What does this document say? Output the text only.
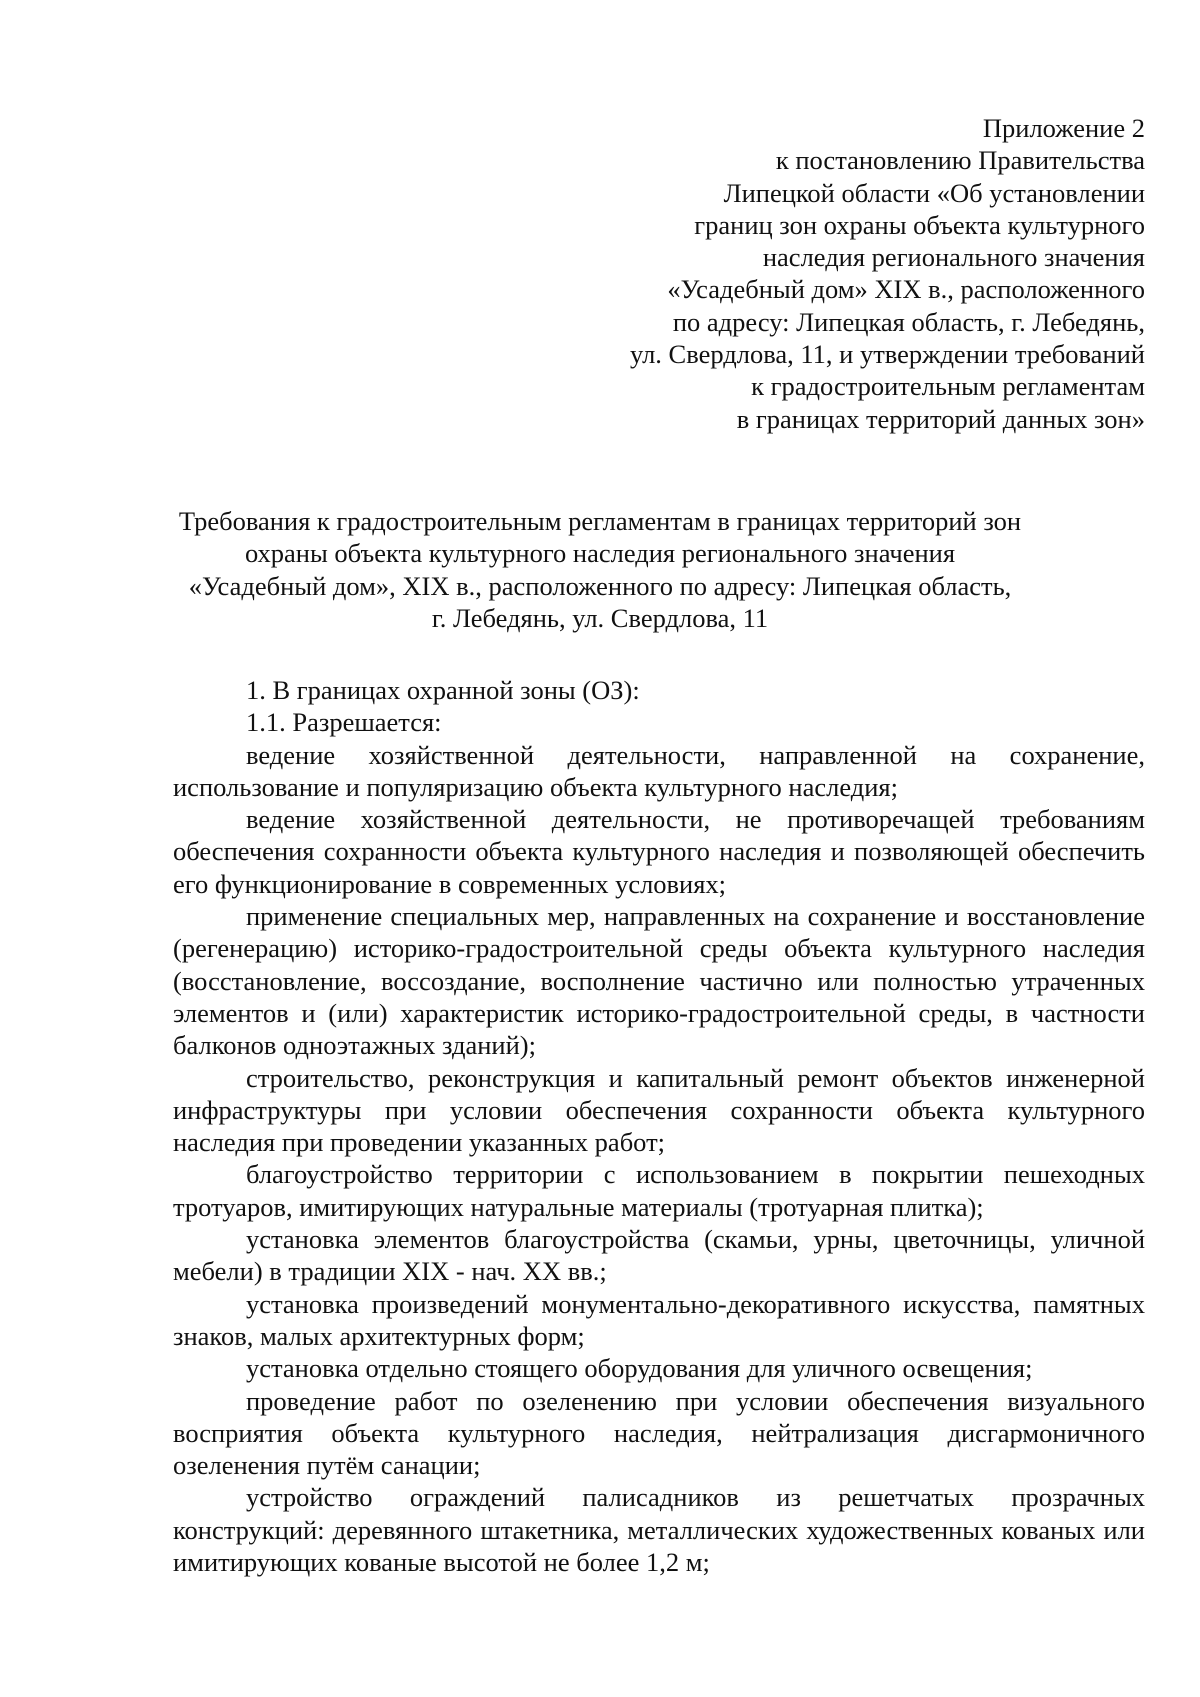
Приложение 2
к постановлению Правительства
Липецкой области «Об установлении
границ зон охраны объекта культурного
наследия регионального значения
«Усадебный дом» XIX в., расположенного
по адресу: Липецкая область, г. Лебедянь,
ул. Свердлова, 11, и утверждении требований
к градостроительным регламентам
в границах территорий данных зон»
Требования к градостроительным регламентам в границах территорий зон
охраны объекта культурного наследия регионального значения
«Усадебный дом», XIX в., расположенного по адресу: Липецкая область,
г. Лебедянь, ул. Свердлова, 11

1. В границах охранной зоны (ОЗ):

1.1. Разрешается:

ведение хозяйственной деятельности, направленной на сохранение, использование и популяризацию объекта культурного наследия;

ведение хозяйственной деятельности, не противоречащей требованиям обеспечения сохранности объекта культурного наследия и позволяющей обеспечить его функционирование в современных условиях;

применение специальных мер, направленных на сохранение и восстановление (регенерацию) историко-градостроительной среды объекта культурного наследия (восстановление, воссоздание, восполнение частично или полностью утраченных элементов и (или) характеристик историко-градостроительной среды, в частности балконов одноэтажных зданий);

строительство, реконструкция и капитальный ремонт объектов инженерной инфраструктуры при условии обеспечения сохранности объекта культурного наследия при проведении указанных работ;

благоустройство территории с использованием в покрытии пешеходных тротуаров, имитирующих натуральные материалы (тротуарная плитка);

установка элементов благоустройства (скамьи, урны, цветочницы, уличной мебели) в традиции XIX - нач. XX вв.;

установка произведений монументально-декоративного искусства, памятных знаков, малых архитектурных форм;

установка отдельно стоящего оборудования для уличного освещения;

проведение работ по озеленению при условии обеспечения визуального восприятия объекта культурного наследия, нейтрализация дисгармоничного озеленения путём санации;

устройство ограждений палисадников из решетчатых прозрачных конструкций: деревянного штакетника, металлических художественных кованых или имитирующих кованые высотой не более 1,2 м;
